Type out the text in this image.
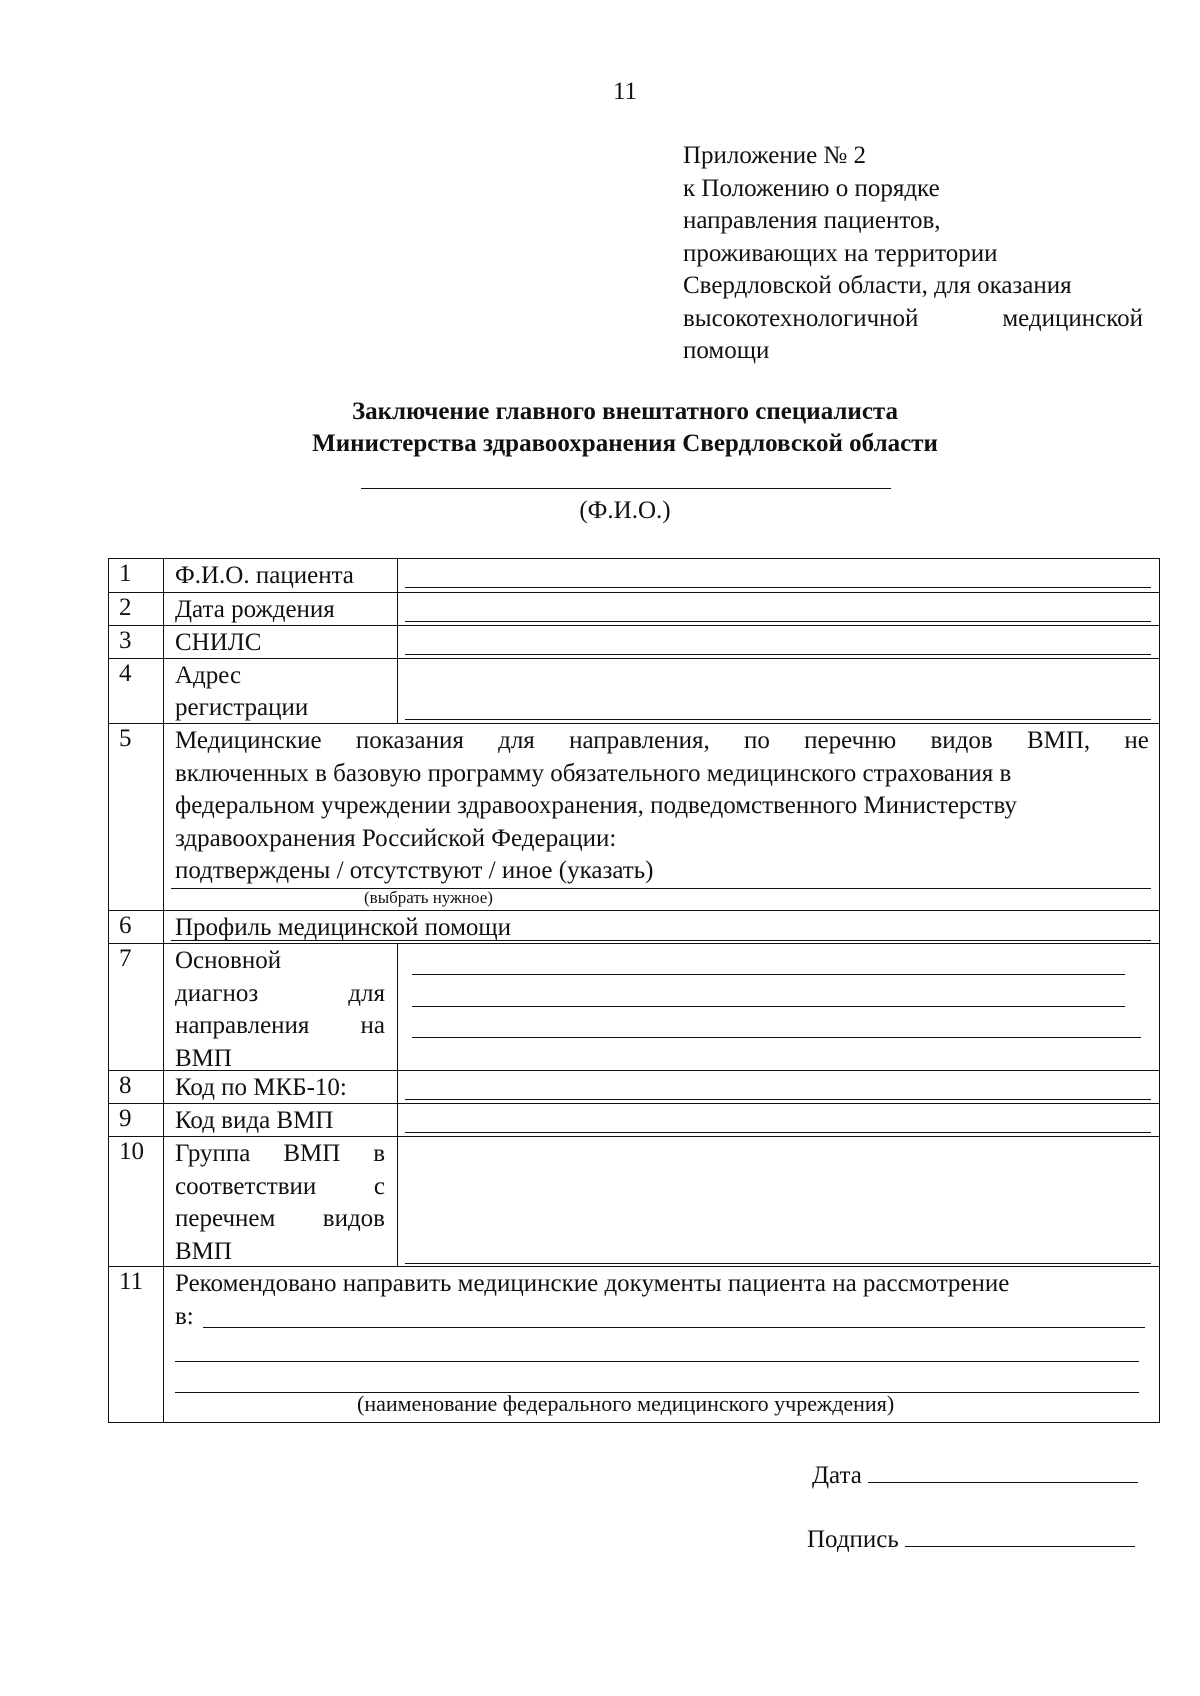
11
Приложение № 2
к Положению о порядке
направления пациентов,
проживающих на территории
Свердловской области, для оказания
высокотехнологичной	медицинской
помощи
Заключение главного внештатного специалиста
Министерства здравоохранения Свердловской области
(Ф.И.О.)
1 Ф.И.О. пациента
2 Дата рождения
3 СНИЛС
4 Адрес
регистрации
5 Медицинские показания для направления, по перечню видов ВМП, не
включенных в базовую программу обязательного медицинского страхования в
федеральном учреждении здравоохранения, подведомственного Министерству
здравоохранения Российской Федерации:
подтверждены / отсутствуют / иное (указать)
(выбрать нужное)
6 Профиль медицинской помощи
7 Основной
диагноз	для
направления на
ВМП
8 Код по МКБ-10:
9 Код вида ВМП
10 Группа ВМП в
соответствии с
перечнем видов
ВМП
11 Рекомендовано направить медицинские документы пациента на рассмотрение
в:
(наименование федерального медицинского учреждения)
Дата
Подпись
